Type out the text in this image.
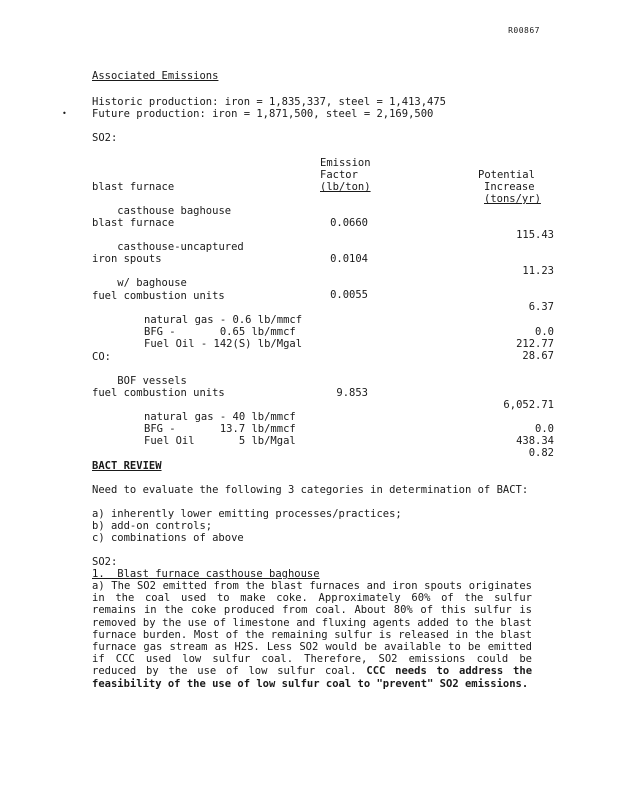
R00867
Associated Emissions
Historic production: iron = 1,835,337, steel = 1,413,475
• Future production: iron = 1,871,500, steel = 2,169,500
SO2:

Emission

Potential

Factor

Increase

(lb/ton)

(tons/yr)

blast furnace

casthouse baghouse

0.0660

115.43

blast furnace

casthouse-uncaptured

0.0104

11.23

iron spouts

w/ baghouse

0.0055

6.37

fuel combustion units

natural gas - 0.6 lb/mmcf

0.0

BFG -       0.65 lb/mmcf

212.77

Fuel Oil - 142(S) lb/Mgal

28.67

CO:

BOF vessels

9.853

6,052.71

fuel combustion units

natural gas - 40 lb/mmcf

0.0

BFG -       13.7 lb/mmcf

438.34

Fuel Oil       5 lb/Mgal

0.82

BACT REVIEW
Need to evaluate the following 3 categories in determination of BACT:
a) inherently lower emitting processes/practices;
b) add-on controls;
c) combinations of above
SO2:
1.  Blast furnace casthouse baghouse
a) The SO2 emitted from the blast furnaces and iron spouts originates in the coal used to make coke. Approximately 60% of the sulfur remains in the coke produced from coal. About 80% of this sulfur is removed by the use of limestone and fluxing agents added to the blast furnace burden. Most of the remaining sulfur is released in the blast furnace gas stream as H2S. Less SO2 would be available to be emitted if CCC used low sulfur coal. Therefore, SO2 emissions could be reduced by the use of low sulfur coal. CCC needs to address the feasibility of the use of low sulfur coal to "prevent" SO2 emissions.
